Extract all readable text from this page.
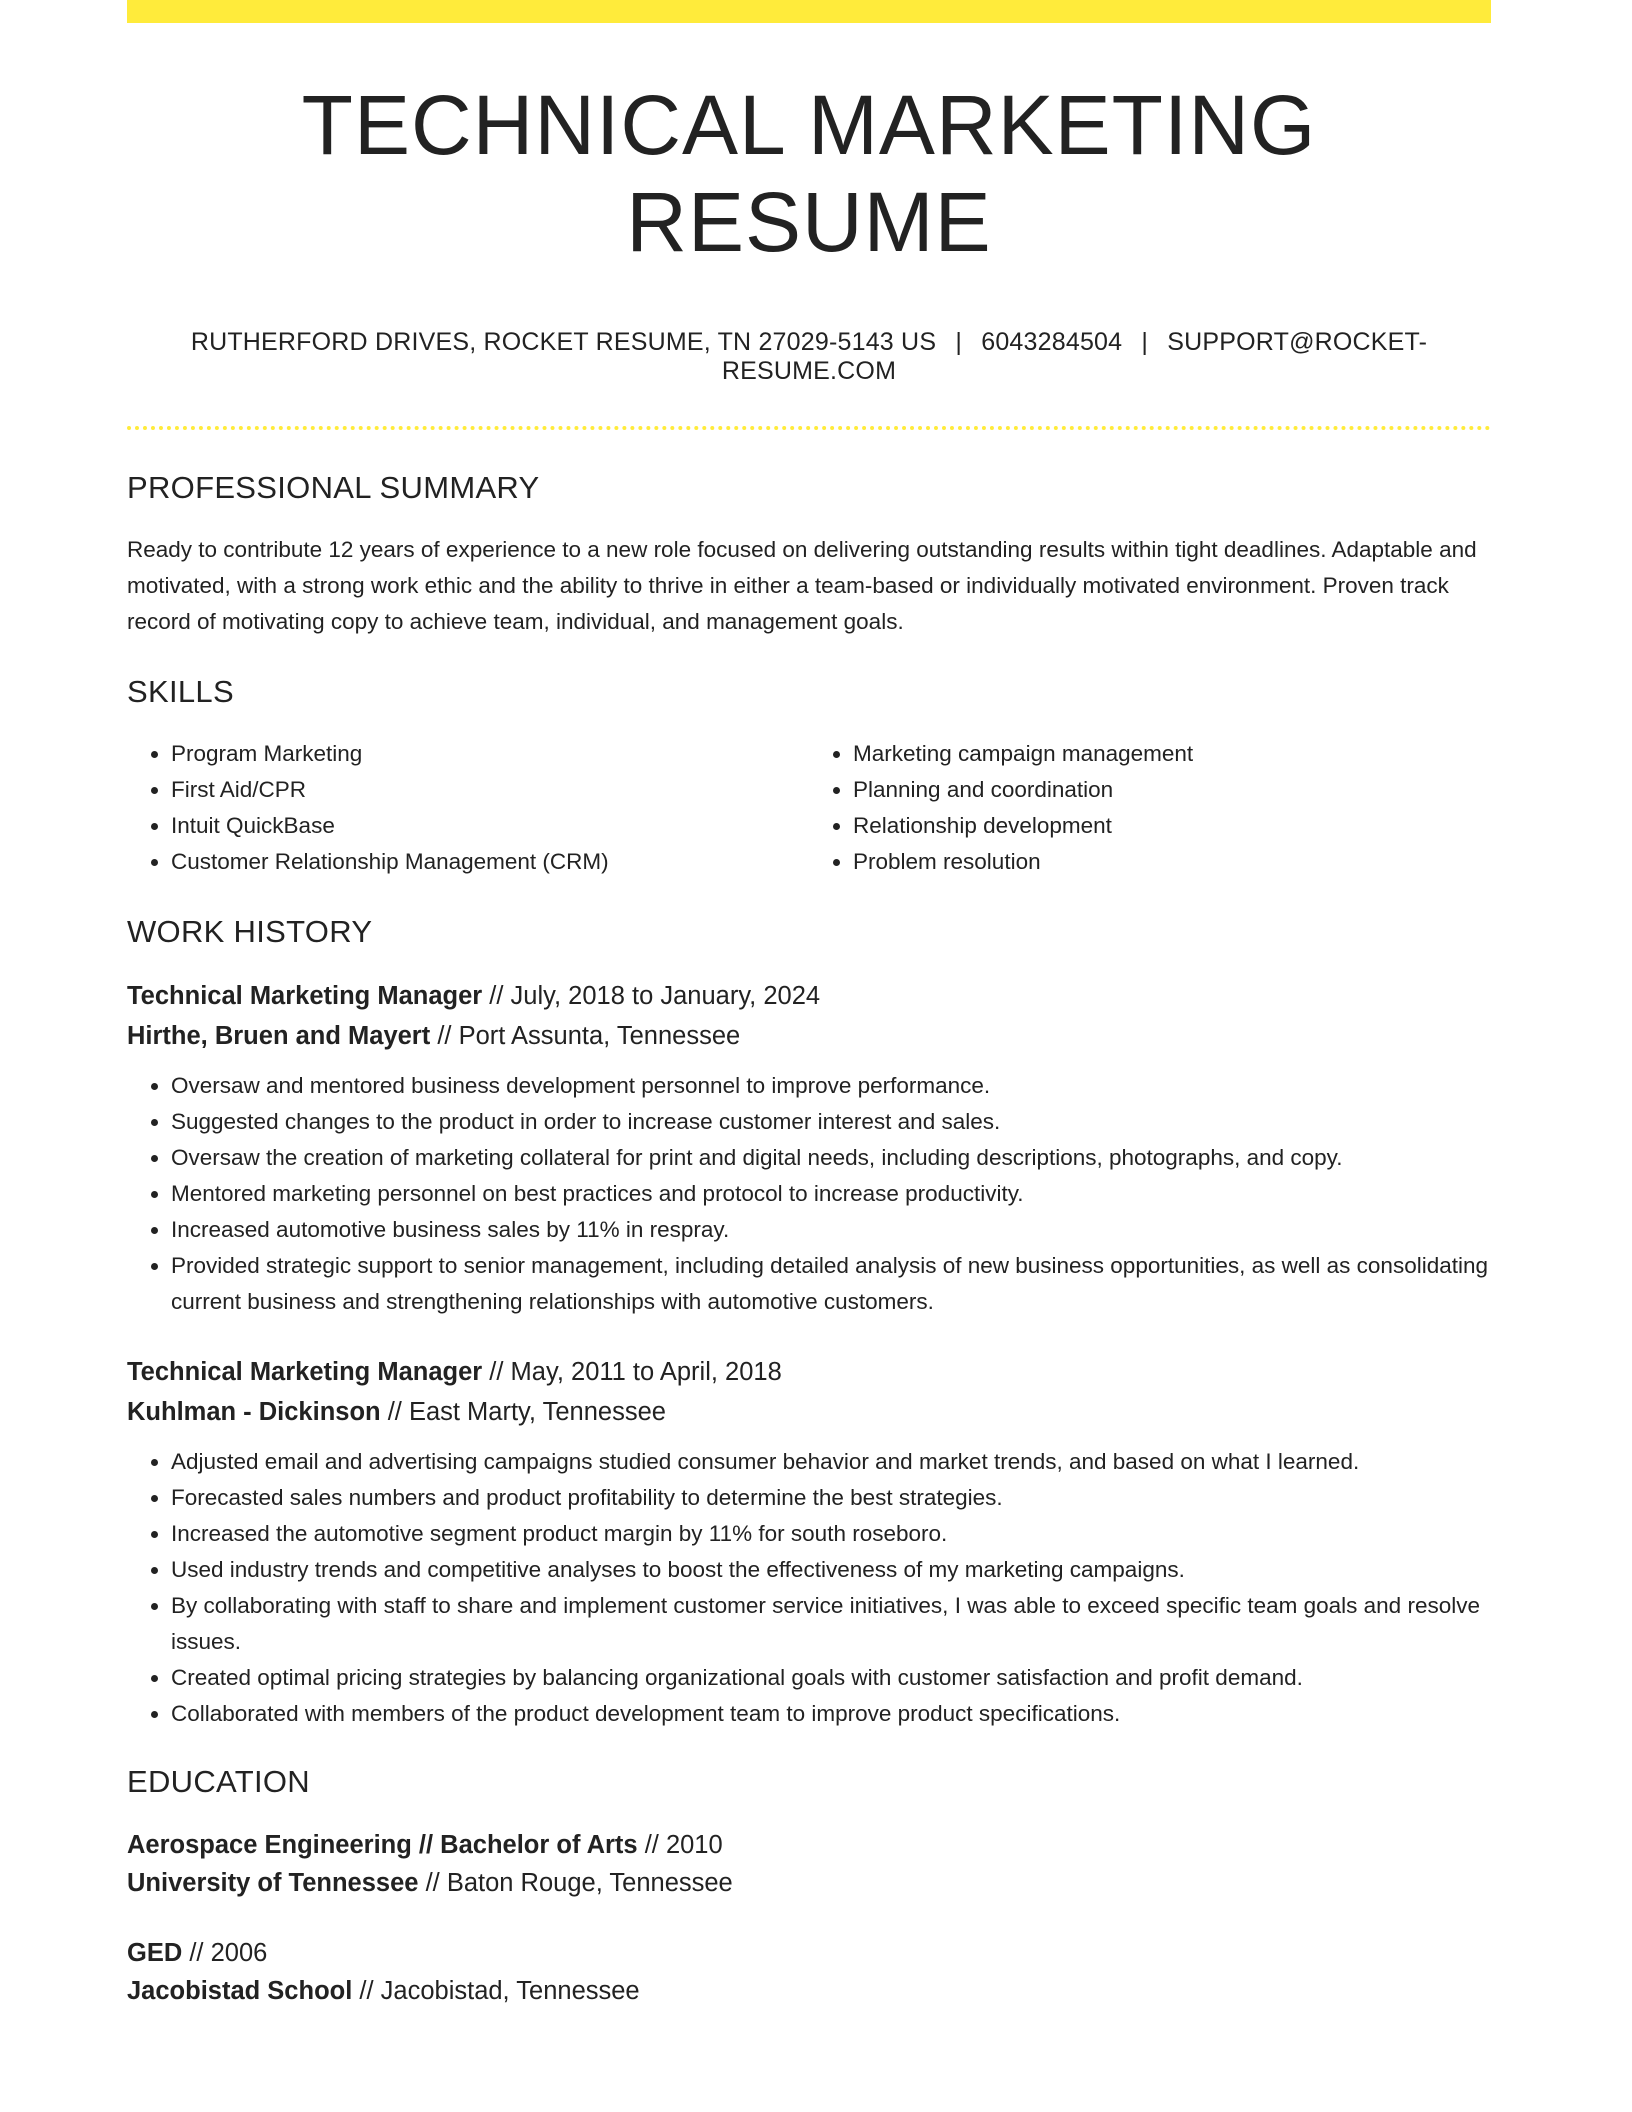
TECHNICAL MARKETING RESUME
RUTHERFORD DRIVES, ROCKET RESUME, TN 27029-5143 US | 6043284504 | SUPPORT@ROCKET-RESUME.COM
PROFESSIONAL SUMMARY

Ready to contribute 12 years of experience to a new role focused on delivering outstanding results within tight deadlines. Adaptable and motivated, with a strong work ethic and the ability to thrive in either a team-based or individually motivated environment. Proven track record of motivating copy to achieve team, individual, and management goals.

SKILLS
• Program Marketing
• First Aid/CPR
• Intuit QuickBase
• Customer Relationship Management (CRM)
• Marketing campaign management
• Planning and coordination
• Relationship development
• Problem resolution
WORK HISTORY
Technical Marketing Manager // July, 2018 to January, 2024
Hirthe, Bruen and Mayert // Port Assunta, Tennessee
• Oversaw and mentored business development personnel to improve performance.
• Suggested changes to the product in order to increase customer interest and sales.
• Oversaw the creation of marketing collateral for print and digital needs, including descriptions, photographs, and copy.
• Mentored marketing personnel on best practices and protocol to increase productivity.
• Increased automotive business sales by 11% in respray.
• Provided strategic support to senior management, including detailed analysis of new business opportunities, as well as consolidating current business and strengthening relationships with automotive customers.
Technical Marketing Manager // May, 2011 to April, 2018
Kuhlman - Dickinson // East Marty, Tennessee
• Adjusted email and advertising campaigns studied consumer behavior and market trends, and based on what I learned.
• Forecasted sales numbers and product profitability to determine the best strategies.
• Increased the automotive segment product margin by 11% for south roseboro.
• Used industry trends and competitive analyses to boost the effectiveness of my marketing campaigns.
• By collaborating with staff to share and implement customer service initiatives, I was able to exceed specific team goals and resolve issues.
• Created optimal pricing strategies by balancing organizational goals with customer satisfaction and profit demand.
• Collaborated with members of the product development team to improve product specifications.
EDUCATION
Aerospace Engineering // Bachelor of Arts // 2010
University of Tennessee // Baton Rouge, Tennessee
GED // 2006
Jacobistad School // Jacobistad, Tennessee
